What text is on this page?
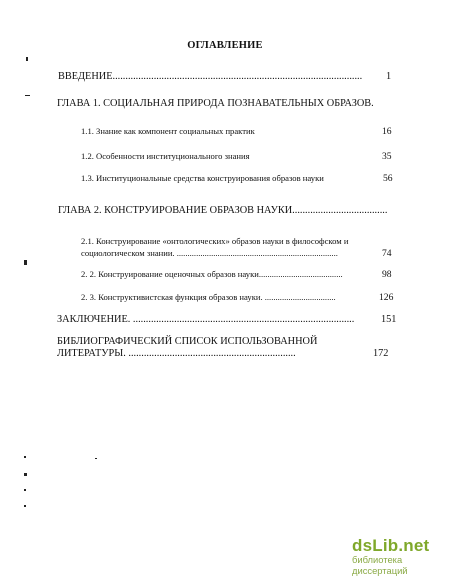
ОГЛАВЛЕНИЕ
ВВЕДЕНИЕ................................................................................................. 1
ГЛАВА 1. СОЦИАЛЬНАЯ ПРИРОДА ПОЗНАВАТЕЛЬНЫХ ОБРАЗОВ.
1.1. Знание как компонент социальных практик	16
1.2. Особенности институционального знания	35
1.3. Институциональные средства конструирования образов науки	56
ГЛАВА 2. КОНСТРУИРОВАНИЕ ОБРАЗОВ НАУКИ.....................................
2.1. Конструирование «онтологических» образов науки в философском и
социологическом знании. ...........................................................................	74
2. 2. Конструирование оценочных образов науки.......................................	98
2. 3. Конструктивистская функция образов науки. .................................	126
ЗАКЛЮЧЕНИЕ. ......................................................................................	151
БИБЛИОГРАФИЧЕСКИЙ СПИСОК ИСПОЛЬЗОВАННОЙ
ЛИТЕРАТУРЫ. .................................................................	172
dsLib.net
библиотека диссертаций
